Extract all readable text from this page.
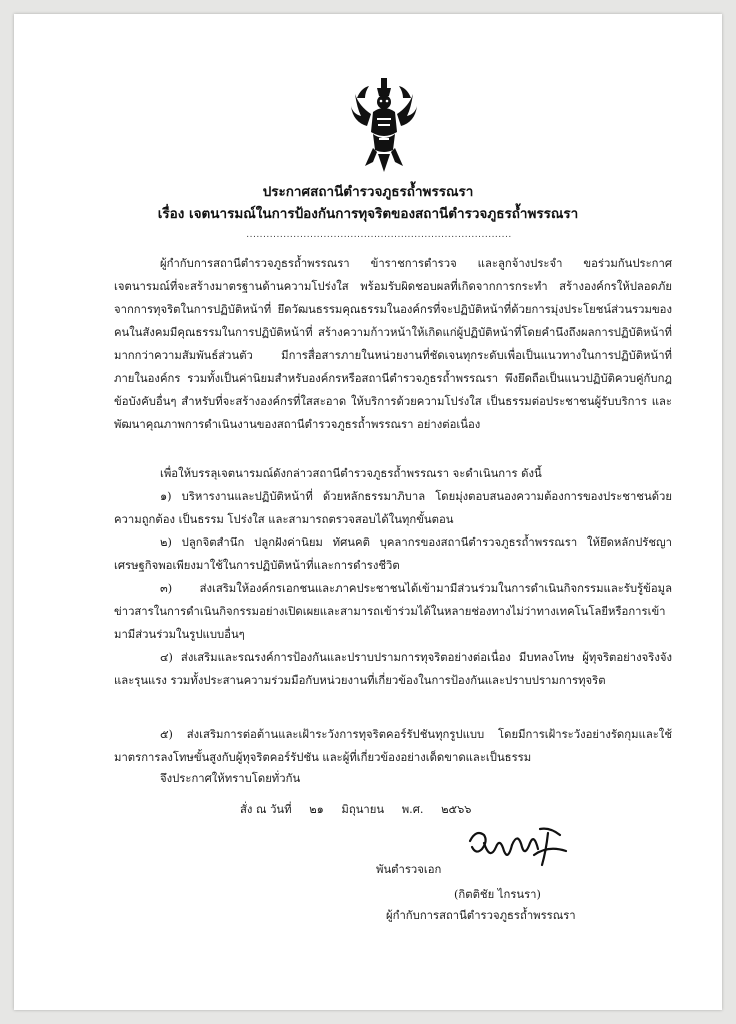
ประกาศสถานีตำรวจภูธรถ้ำพรรณรา
เรื่อง เจตนารมณ์ในการป้องกันการทุจริตของสถานีตำรวจภูธรถ้ำพรรณรา
...............................................................................
ผู้กำกับการสถานีตำรวจภูธรถ้ำพรรณรา ข้าราชการตำรวจ และลูกจ้างประจำ ขอร่วมกันประกาศเจตนารมณ์ที่จะสร้างมาตรฐานด้านความโปร่งใส พร้อมรับผิดชอบผลที่เกิดจากการกระทำ สร้างองค์กรให้ปลอดภัยจากการทุจริตในการปฏิบัติหน้าที่ ยึดวัฒนธรรมคุณธรรมในองค์กรที่จะปฏิบัติหน้าที่ด้วยการมุ่งประโยชน์ส่วนรวมของคนในสังคมมีคุณธรรมในการปฏิบัติหน้าที่ สร้างความก้าวหน้าให้เกิดแก่ผู้ปฏิบัติหน้าที่โดยคำนึงถึงผลการปฏิบัติหน้าที่มากกว่าความสัมพันธ์ส่วนตัว มีการสื่อสารภายในหน่วยงานที่ชัดเจนทุกระดับเพื่อเป็นแนวทางในการปฏิบัติหน้าที่ภายในองค์กร รวมทั้งเป็นค่านิยมสำหรับองค์กรหรือสถานีตำรวจภูธรถ้ำพรรณรา พึงยึดถือเป็นแนวปฏิบัติควบคู่กับกฎ ข้อบังคับอื่นๆ สำหรับที่จะสร้างองค์กรที่ใสสะอาด ให้บริการด้วยความโปร่งใส เป็นธรรมต่อประชาชนผู้รับบริการ และพัฒนาคุณภาพการดำเนินงานของสถานีตำรวจภูธรถ้ำพรรณรา อย่างต่อเนื่อง
เพื่อให้บรรลุเจตนารมณ์ดังกล่าวสถานีตำรวจภูธรถ้ำพรรณรา จะดำเนินการ ดังนี้
๑) บริหารงานและปฏิบัติหน้าที่ ด้วยหลักธรรมาภิบาล โดยมุ่งตอบสนองความต้องการของประชาชนด้วยความถูกต้อง เป็นธรรม โปร่งใส และสามารถตรวจสอบได้ในทุกขั้นตอน
๒) ปลูกจิตสำนึก ปลูกฝังค่านิยม ทัศนคติ บุคลากรของสถานีตำรวจภูธรถ้ำพรรณรา ให้ยึดหลักปรัชญาเศรษฐกิจพอเพียงมาใช้ในการปฏิบัติหน้าที่และการดำรงชีวิต
๓) ส่งเสริมให้องค์กรเอกชนและภาคประชาชนได้เข้ามามีส่วนร่วมในการดำเนินกิจกรรมและรับรู้ข้อมูลข่าวสารในการดำเนินกิจกรรมอย่างเปิดเผยและสามารถเข้าร่วมได้ในหลายช่องทางไม่ว่าทางเทคโนโลยีหรือการเข้ามามีส่วนร่วมในรูปแบบอื่นๆ
๔) ส่งเสริมและรณรงค์การป้องกันและปราบปรามการทุจริตอย่างต่อเนื่อง มีบทลงโทษ ผู้ทุจริตอย่างจริงจังและรุนแรง รวมทั้งประสานความร่วมมือกับหน่วยงานที่เกี่ยวข้องในการป้องกันและปราบปรามการทุจริต
๕) ส่งเสริมการต่อต้านและเฝ้าระวังการทุจริตคอร์รัปชันทุกรูปแบบ โดยมีการเฝ้าระวังอย่างรัดกุมและใช้มาตรการลงโทษขั้นสูงกับผู้ทุจริตคอร์รัปชัน และผู้ที่เกี่ยวข้องอย่างเด็ดขาดและเป็นธรรม
จึงประกาศให้ทราบโดยทั่วกัน
สั่ง ณ วันที่ ๒๑ มิถุนายน พ.ศ. ๒๕๖๖
พันตำรวจเอก
(กิตติชัย ไกรนรา)
ผู้กำกับการสถานีตำรวจภูธรถ้ำพรรณรา
